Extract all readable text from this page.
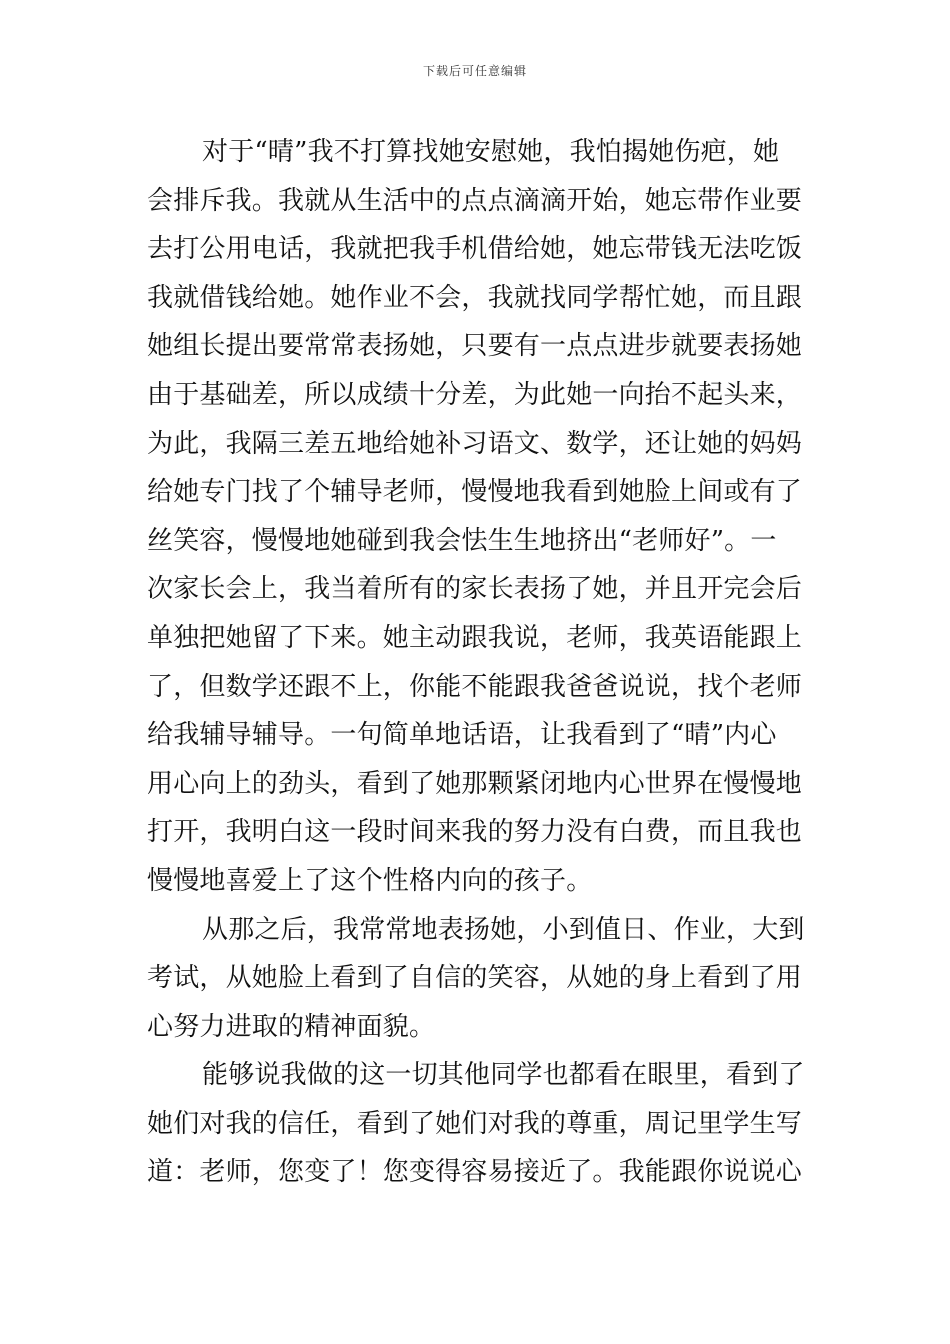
下载后可任意编辑
对于“晴”我不打算找她安慰她，我怕揭她伤疤，她
会排斥我。我就从生活中的点点滴滴开始，她忘带作业要
去打公用电话，我就把我手机借给她，她忘带钱无法吃饭
我就借钱给她。她作业不会，我就找同学帮忙她，而且跟
她组长提出要常常表扬她，只要有一点点进步就要表扬她
由于基础差，所以成绩十分差，为此她一向抬不起头来，
为此，我隔三差五地给她补习语文、数学，还让她的妈妈
给她专门找了个辅导老师，慢慢地我看到她脸上间或有了
丝笑容，慢慢地她碰到我会怯生生地挤出“老师好”。一
次家长会上，我当着所有的家长表扬了她，并且开完会后
单独把她留了下来。她主动跟我说，老师，我英语能跟上
了，但数学还跟不上，你能不能跟我爸爸说说，找个老师
给我辅导辅导。一句简单地话语，让我看到了“晴”内心
用心向上的劲头，看到了她那颗紧闭地内心世界在慢慢地
打开，我明白这一段时间来我的努力没有白费，而且我也
慢慢地喜爱上了这个性格内向的孩子。
从那之后，我常常地表扬她，小到值日、作业，大到
考试，从她脸上看到了自信的笑容，从她的身上看到了用
心努力进取的精神面貌。
能够说我做的这一切其他同学也都看在眼里，看到了
她们对我的信任，看到了她们对我的尊重，周记里学生写
道：老师，您变了！您变得容易接近了。我能跟你说说心
